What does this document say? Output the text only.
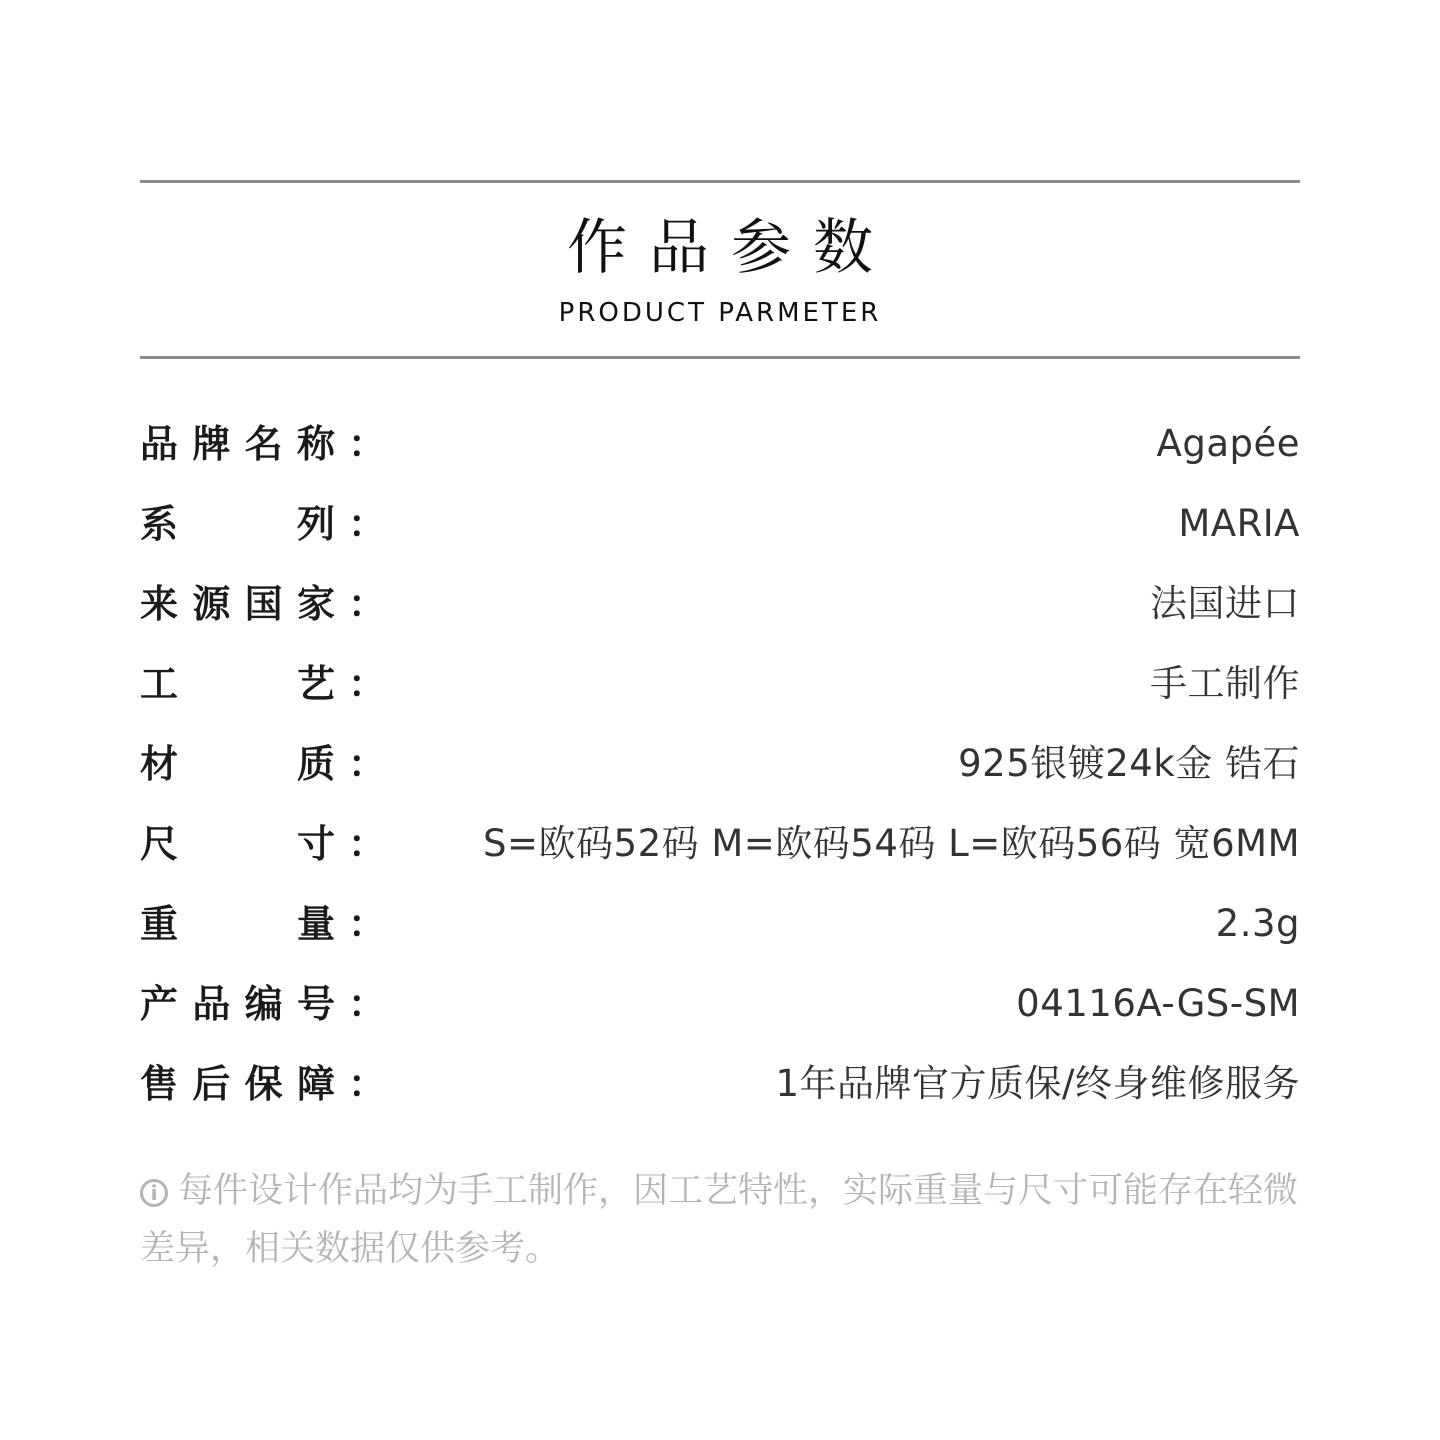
作品参数
PRODUCT PARMETER
品 牌 名 称 ：	Agapée
系	列 ：	MARIA
来 源 国 家 ：	法国进口
工	艺 ：	手工制作
材	质 ：	925银镀24k金 锆石
尺	寸 ：	S=欧码52码 M=欧码54码 L=欧码56码 宽6MM
重	量 ：	2.3g
产 品 编 号 ：	04116A-GS-SM
售 后 保 障 ：	1年品牌官方质保/终身维修服务
i 每件设计作品均为手工制作，因工艺特性，实际重量与尺寸可能存在轻微差异，相关数据仅供参考。
